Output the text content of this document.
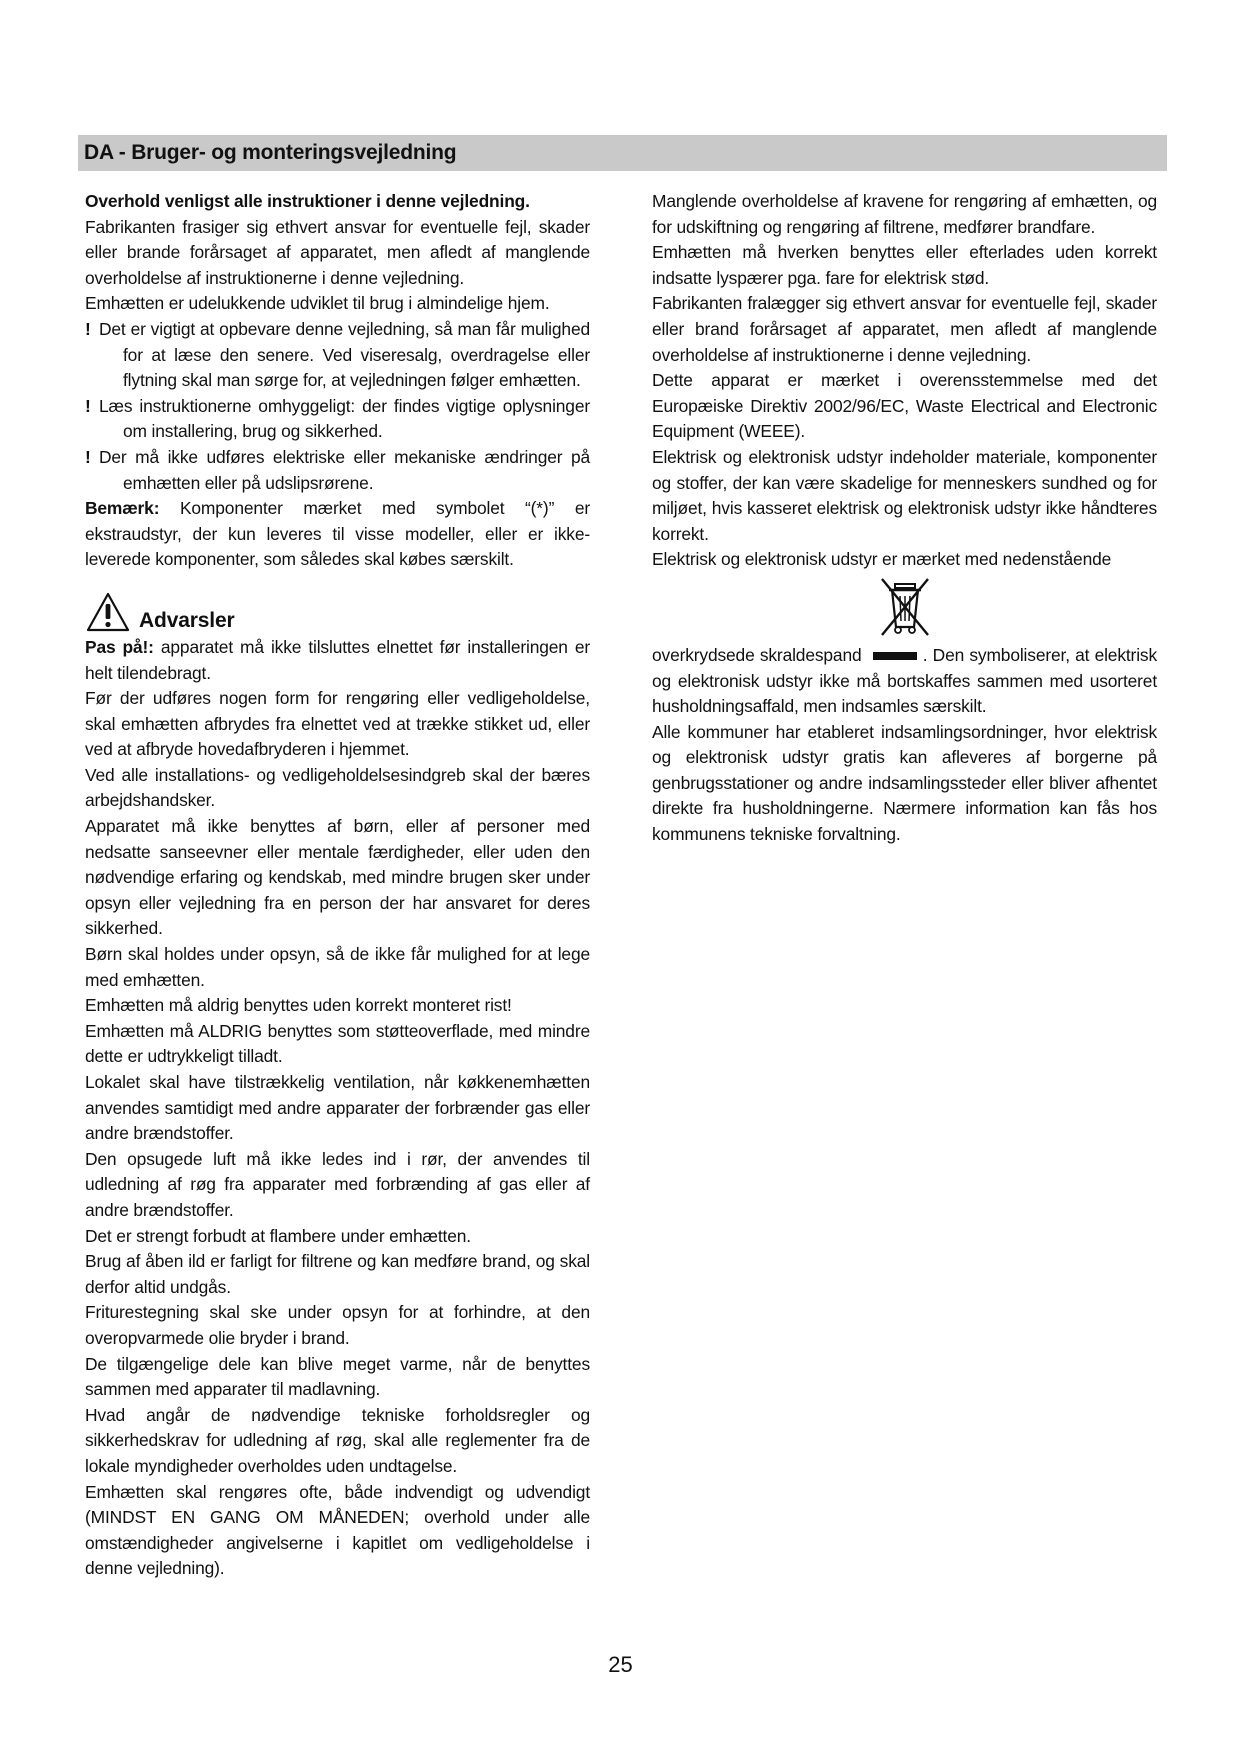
DA - Bruger- og monteringsvejledning

Overhold venligst alle instruktioner i denne vejledning.

Fabrikanten frasiger sig ethvert ansvar for eventuelle fejl, skader eller brande forårsaget af apparatet, men afledt af manglende overholdelse af instruktionerne i denne vejledning.

Emhætten er udelukkende udviklet til brug i almindelige hjem.

! Det er vigtigt at opbevare denne vejledning, så man får mulighed for at læse den senere. Ved viseresalg, overdragelse eller flytning skal man sørge for, at vejledningen følger emhætten.

! Læs instruktionerne omhyggeligt: der findes vigtige oplysninger om installering, brug og sikkerhed.

! Der må ikke udføres elektriske eller mekaniske ændringer på emhætten eller på udslipsrørene.

Bemærk: Komponenter mærket med symbolet “(*)” er ekstraudstyr, der kun leveres til visse modeller, eller er ikke-leverede komponenter, som således skal købes særskilt.

Advarsler

Pas på!: apparatet må ikke tilsluttes elnettet før installeringen er helt tilendebragt.

Før der udføres nogen form for rengøring eller vedligeholdelse, skal emhætten afbrydes fra elnettet ved at trække stikket ud, eller ved at afbryde hovedafbryderen i hjemmet.

Ved alle installations- og vedligeholdelsesindgreb skal der bæres arbejdshandsker.

Apparatet må ikke benyttes af børn, eller af personer med nedsatte sanseevner eller mentale færdigheder, eller uden den nødvendige erfaring og kendskab, med mindre brugen sker under opsyn eller vejledning fra en person der har ansvaret for deres sikkerhed.

Børn skal holdes under opsyn, så de ikke får mulighed for at lege med emhætten.

Emhætten må aldrig benyttes uden korrekt monteret rist!

Emhætten må ALDRIG benyttes som støtteoverflade, med mindre dette er udtrykkeligt tilladt.

Lokalet skal have tilstrækkelig ventilation, når køkkenemhætten anvendes samtidigt med andre apparater der forbrænder gas eller andre brændstoffer.

Den opsugede luft må ikke ledes ind i rør, der anvendes til udledning af røg fra apparater med forbrænding af gas eller af andre brændstoffer.

Det er strengt forbudt at flambere under emhætten.

Brug af åben ild er farligt for filtrene og kan medføre brand, og skal derfor altid undgås.

Friturestegning skal ske under opsyn for at forhindre, at den overopvarmede olie bryder i brand.

De tilgængelige dele kan blive meget varme, når de benyttes sammen med apparater til madlavning.

Hvad angår de nødvendige tekniske forholdsregler og sikkerhedskrav for udledning af røg, skal alle reglementer fra de lokale myndigheder overholdes uden undtagelse.

Emhætten skal rengøres ofte, både indvendigt og udvendigt (MINDST EN GANG OM MÅNEDEN; overhold under alle omstændigheder angivelserne i kapitlet om vedligeholdelse i denne vejledning).

Manglende overholdelse af kravene for rengøring af emhætten, og for udskiftning og rengøring af filtrene, medfører brandfare.

Emhætten må hverken benyttes eller efterlades uden korrekt indsatte lyspærer pga. fare for elektrisk stød.

Fabrikanten fralægger sig ethvert ansvar for eventuelle fejl, skader eller brand forårsaget af apparatet, men afledt af manglende overholdelse af instruktionerne i denne vejledning.

Dette apparat er mærket i overensstemmelse med det Europæiske Direktiv 2002/96/EC, Waste Electrical and Electronic Equipment (WEEE).

Elektrisk og elektronisk udstyr indeholder materiale, komponenter og stoffer, der kan være skadelige for menneskers sundhed og for miljøet, hvis kasseret elektrisk og elektronisk udstyr ikke håndteres korrekt.

Elektrisk og elektronisk udstyr er mærket med nedenstående

overkrydsede skraldespand	. Den symboliserer, at elektrisk og elektronisk udstyr ikke må bortskaffes sammen med usorteret husholdningsaffald, men indsamles særskilt.

Alle kommuner har etableret indsamlingsordninger, hvor elektrisk og elektronisk udstyr gratis kan afleveres af borgerne på genbrugsstationer og andre indsamlingssteder eller bliver afhentet direkte fra husholdningerne. Nærmere information kan fås hos kommunens tekniske forvaltning.

25
